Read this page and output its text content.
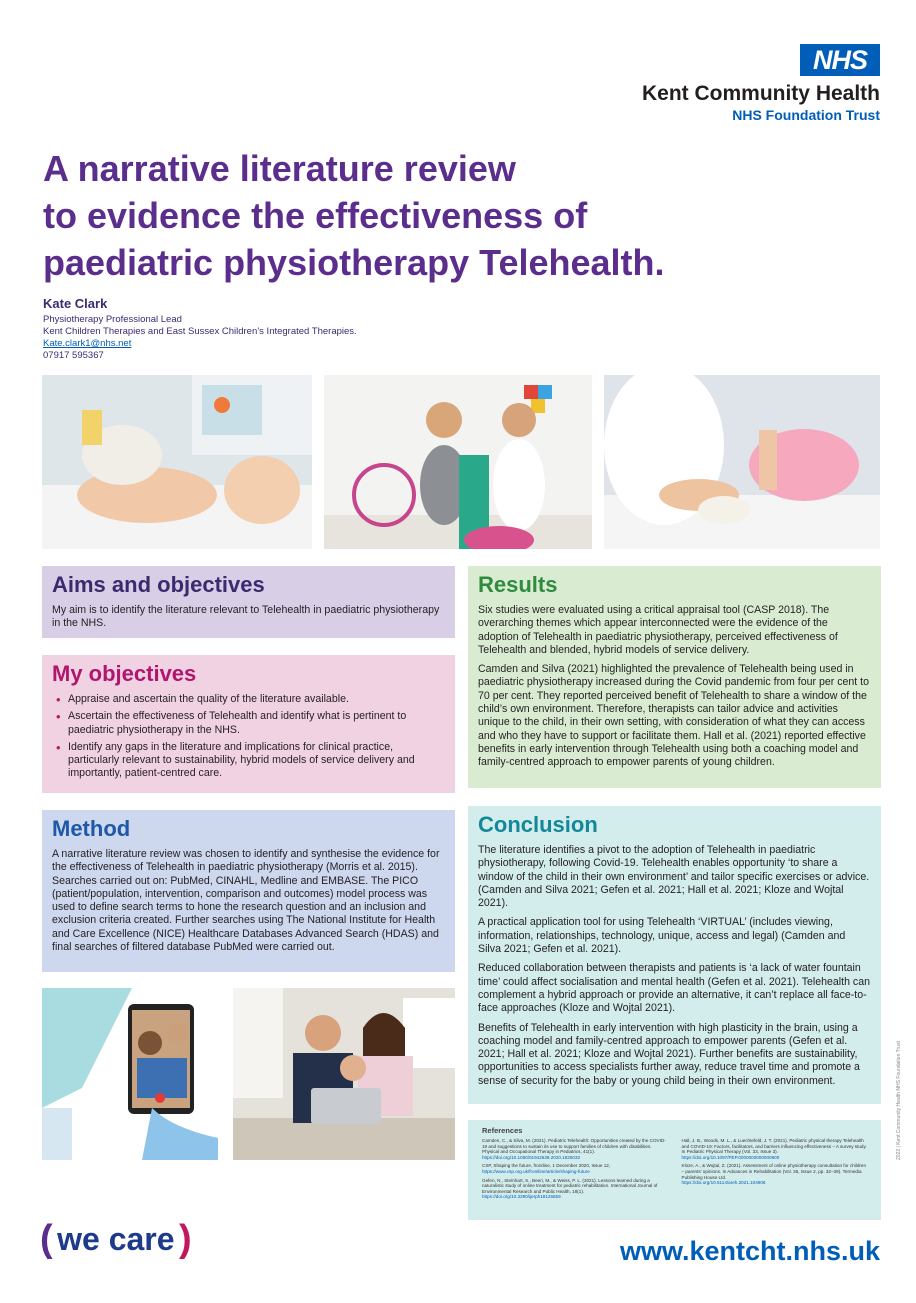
NHS
Kent Community Health
NHS Foundation Trust
A narrative literature review
to evidence the effectiveness of
paediatric physiotherapy Telehealth.
Kate Clark
Physiotherapy Professional Lead
Kent Children Therapies and East Sussex Children’s Integrated Therapies.
Kate.clark1@nhs.net
07917 595367
Aims and objectives

My aim is to identify the literature relevant to Telehealth in paediatric physiotherapy in the NHS.

My objectives
• Appraise and ascertain the quality of the literature available.
• Ascertain the effectiveness of Telehealth and identify what is pertinent to paediatric physiotherapy in the NHS.
• Identify any gaps in the literature and implications for clinical practice, particularly relevant to sustainability, hybrid models of service delivery and importantly, patient-centred care.
Method

A narrative literature review was chosen to identify and synthesise the evidence for the effectiveness of Telehealth in paediatric physiotherapy (Morris et al. 2015). Searches carried out on: PubMed, CINAHL, Medline and EMBASE. The PICO (patient/population, intervention, comparison and outcomes) model process was used to define search terms to hone the research question and an inclusion and exclusion criteria created. Further searches using The National Institute for Health and Care Excellence (NICE) Healthcare Databases Advanced Search (HDAS) and final searches of filtered database PubMed were carried out.

Results

Six studies were evaluated using a critical appraisal tool (CASP 2018). The overarching themes which appear interconnected were the evidence of the adoption of Telehealth in paediatric physiotherapy, perceived effectiveness of Telehealth and blended, hybrid models of service delivery.

Camden and Silva (2021) highlighted the prevalence of Telehealth being used in paediatric physiotherapy increased during the Covid pandemic from four per cent to 70 per cent. They reported perceived benefit of Telehealth to share a window of the child’s own environment. Therefore, therapists can tailor advice and activities unique to the child, in their own setting, with consideration of what they can access and who they have to support or facilitate them. Hall et al. (2021) reported effective benefits in early intervention through Telehealth using both a coaching model and family-centred approach to empower parents of young children.

Conclusion

The literature identifies a pivot to the adoption of Telehealth in paediatric physiotherapy, following Covid-19. Telehealth enables opportunity ‘to share a window of the child in their own environment’ and tailor specific exercises or advice. (Camden and Silva 2021; Gefen et al. 2021; Hall et al. 2021; Kloze and Wojtal 2021).

A practical application tool for using Telehealth ‘VIRTUAL’ (includes viewing, information, relationships, technology, unique, access and legal) (Camden and Silva 2021; Gefen et al. 2021).

Reduced collaboration between therapists and patients is ‘a lack of water fountain time’ could affect socialisation and mental health (Gefen et al. 2021). Telehealth can complement a hybrid approach or provide an alternative, it can’t replace all face-to-face approaches (Kloze and Wojtal 2021).

Benefits of Telehealth in early intervention with high plasticity in the brain, using a coaching model and family-centred approach to empower parents (Gefen et al. 2021; Hall et al. 2021; Kloze and Wojtal 2021). Further benefits are sustainability, opportunities to access specialists further away, reduce travel time and promote a sense of security for the baby or young child being in their own environment.

References
Camden, C., & Silva, M. (2021). Pediatric Telehealth: Opportunities created by the COVID-19 and suggestions to sustain its use to support families of children with disabilities. Physical and Occupational Therapy in Pediatrics, 41(1).
https://doi.org/10.1080/01942638.2020.1825032
CSP, Shaping the future, frontline, 1 December 2020, Issue 12,
https://www.csp.org.uk/frontline/article/shaping-future
Gefen, N., Steinhart, S., Beeri, M., & Weiss, P. L. (2021). Lessons learned during a naturalistic study of online treatment for pediatric rehabilitation. International Journal of Environmental Research and Public Health, 18(1).
https://doi.org/10.3390/ijerph18126659
Hall, J. B., Woods, M. L., & Luechtefeld, J. T. (2021). Pediatric physical therapy Telehealth and COVID-19: Factors, facilitators, and barriers influencing effectiveness – A survey study. In Pediatric Physical Therapy (Vol. 33, Issue 3).
https://doi.org/10.1097/PEP.0000000000000800
Kloze, A., & Wojtal, Z. (2021). Assessment of online physiotherapy consultation for children – parents’ opinions. In Advances in Rehabilitation (Vol. 35, Issue 2, pp. 32–39). Termedia Publishing House Ltd.
https://doi.org/10.5114/areh.2021.104906
( we care )	www.kentcht.nhs.uk
2022 | Kent Community Health NHS Foundation Trust
